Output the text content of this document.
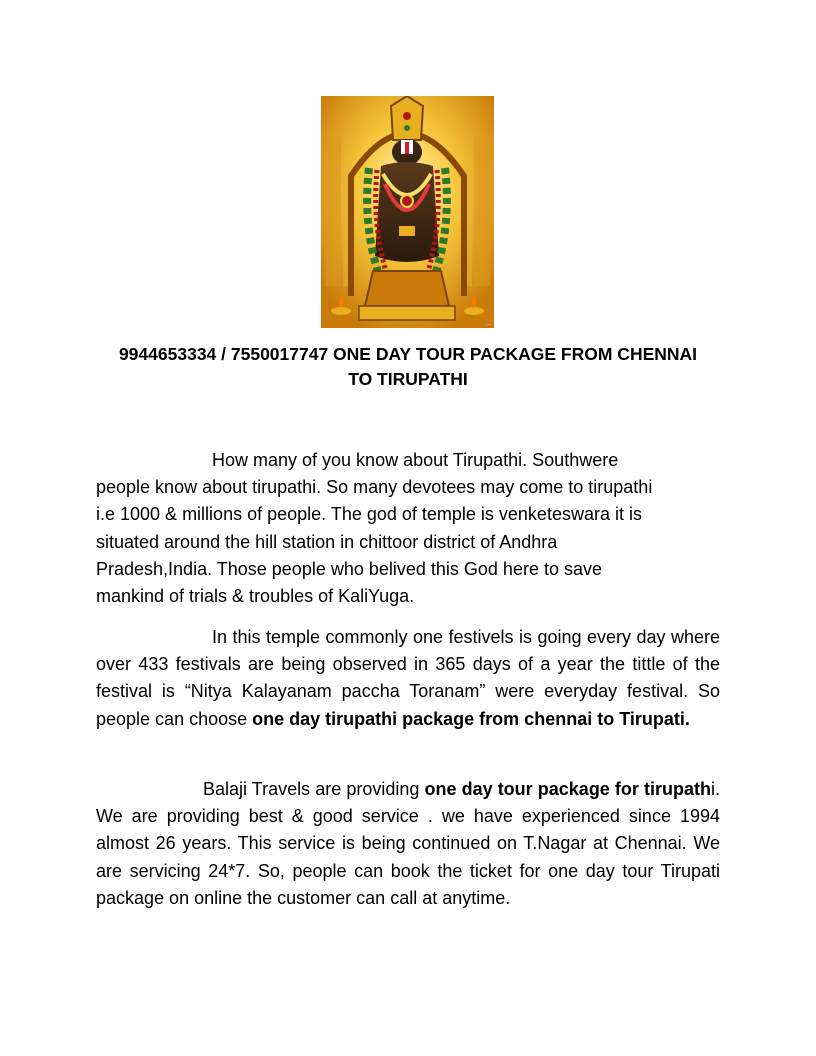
...
9944653334 / 7550017747 ONE DAY TOUR PACKAGE FROM CHENNAI
TO TIRUPATHI
How many of you know about Tirupathi. Southwere
people know about tirupathi. So many devotees may come to tirupathi
i.e 1000 & millions of people. The god of temple is venketeswara it is
situated around the hill station in chittoor district of Andhra
Pradesh,India. Those people who belived this God here to save
mankind of trials & troubles of KaliYuga.
In this temple commonly one festivels is going every day where over 433 festivals are being observed in 365 days of a year the tittle of the festival is “Nitya Kalayanam paccha Toranam” were everyday festival. So people can choose one day tirupathi package from chennai to Tirupati.
Balaji Travels are providing one day tour package for tirupathi. We are providing best & good service . we have experienced since 1994 almost 26 years. This service is being continued on T.Nagar at Chennai. We are servicing 24*7. So, people can book the ticket for one day tour Tirupati package on online the customer can call at anytime.
